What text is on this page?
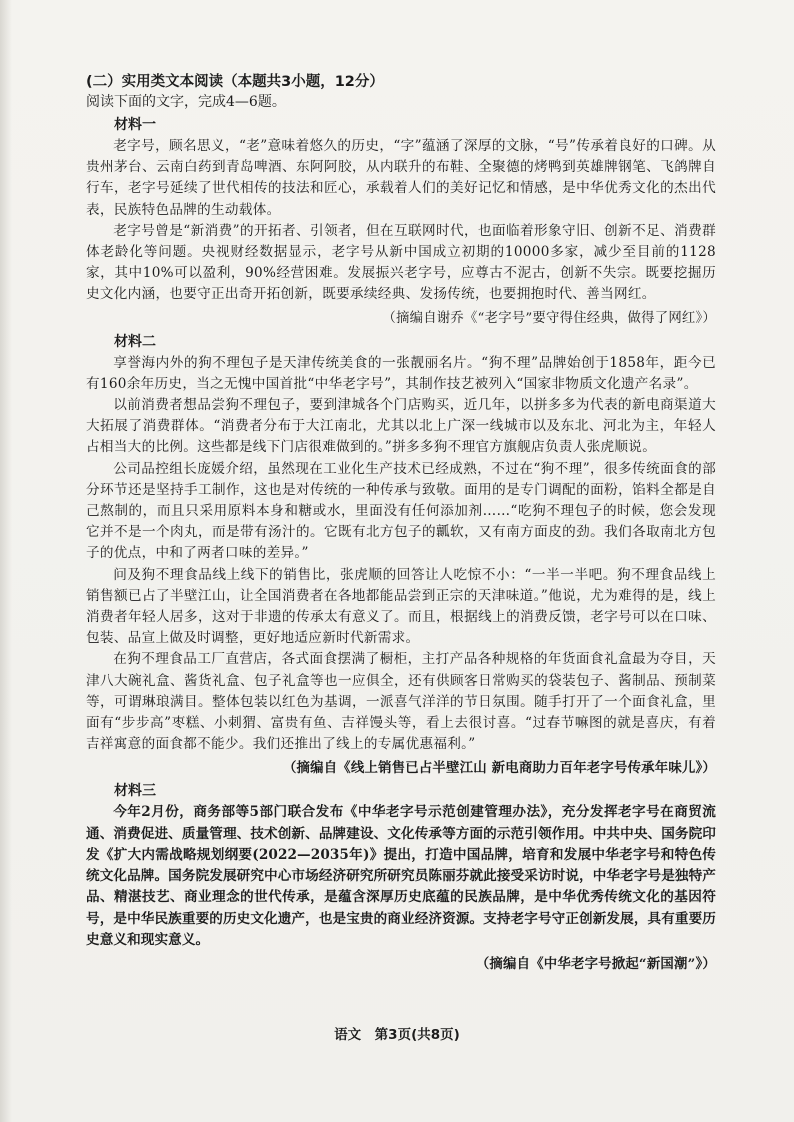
(二）实用类文本阅读（本题共3小题，12分）

阅读下面的文字，完成4—6题。

材料一

老字号，顾名思义，“老”意味着悠久的历史，“字”蕴涵了深厚的文脉，“号”传承着良好的口碑。从贵州茅台、云南白药到青岛啤酒、东阿阿胶，从内联升的布鞋、全聚德的烤鸭到英雄牌钢笔、飞鸽牌自行车，老字号延续了世代相传的技法和匠心，承载着人们的美好记忆和情感，是中华优秀文化的杰出代表，民族特色品牌的生动载体。

老字号曾是“新消费”的开拓者、引领者，但在互联网时代，也面临着形象守旧、创新不足、消费群体老龄化等问题。央视财经数据显示，老字号从新中国成立初期的10000多家，减少至目前的1128家，其中10%可以盈利，90%经营困难。发展振兴老字号，应尊古不泥古，创新不失宗。既要挖掘历史文化内涵，也要守正出奇开拓创新，既要承续经典、发扬传统，也要拥抱时代、善当网红。

（摘编自谢乔《“老字号”要守得住经典，做得了网红》）

材料二

享誉海内外的狗不理包子是天津传统美食的一张靓丽名片。“狗不理”品牌始创于1858年，距今已有160余年历史，当之无愧中国首批“中华老字号”，其制作技艺被列入“国家非物质文化遗产名录”。

以前消费者想品尝狗不理包子，要到津城各个门店购买，近几年，以拼多多为代表的新电商渠道大大拓展了消费群体。“消费者分布于大江南北，尤其以北上广深一线城市以及东北、河北为主，年轻人占相当大的比例。这些都是线下门店很难做到的。”拼多多狗不理官方旗舰店负责人张虎顺说。

公司品控组长庞媛介绍，虽然现在工业化生产技术已经成熟，不过在“狗不理”，很多传统面食的部分环节还是坚持手工制作，这也是对传统的一种传承与致敬。面用的是专门调配的面粉，馅料全都是自己熬制的，而且只采用原料本身和糖或水，里面没有任何添加剂……“吃狗不理包子的时候，您会发现它并不是一个肉丸，而是带有汤汁的。它既有北方包子的瓤软，又有南方面皮的劲。我们各取南北方包子的优点，中和了两者口味的差异。”

问及狗不理食品线上线下的销售比，张虎顺的回答让人吃惊不小：“一半一半吧。狗不理食品线上销售额已占了半壁江山，让全国消费者在各地都能品尝到正宗的天津味道。”他说，尤为难得的是，线上消费者年轻人居多，这对于非遗的传承太有意义了。而且，根据线上的消费反馈，老字号可以在口味、包装、品宣上做及时调整，更好地适应新时代新需求。

在狗不理食品工厂直营店，各式面食摆满了橱柜，主打产品各种规格的年货面食礼盒最为夺目，天津八大碗礼盒、酱货礼盒、包子礼盒等也一应俱全，还有供顾客日常购买的袋装包子、酱制品、预制菜等，可谓琳琅满目。整体包装以红色为基调，一派喜气洋洋的节日氛围。随手打开了一个面食礼盒，里面有“步步高”枣糕、小刺猬、富贵有鱼、吉祥馒头等，看上去很讨喜。“过春节嘛图的就是喜庆，有着吉祥寓意的面食都不能少。我们还推出了线上的专属优惠福利。”

（摘编自《线上销售已占半壁江山 新电商助力百年老字号传承年味儿》）

材料三

今年2月份，商务部等5部门联合发布《中华老字号示范创建管理办法》，充分发挥老字号在商贸流通、消费促进、质量管理、技术创新、品牌建设、文化传承等方面的示范引领作用。中共中央、国务院印发《扩大内需战略规划纲要(2022—2035年)》提出，打造中国品牌，培育和发展中华老字号和特色传统文化品牌。国务院发展研究中心市场经济研究所研究员陈丽芬就此接受采访时说，中华老字号是独特产品、精湛技艺、商业理念的世代传承，是蕴含深厚历史底蕴的民族品牌，是中华优秀传统文化的基因符号，是中华民族重要的历史文化遗产，也是宝贵的商业经济资源。支持老字号守正创新发展，具有重要历史意义和现实意义。

（摘编自《中华老字号掀起“新国潮”》）

语文　第3页(共8页)
